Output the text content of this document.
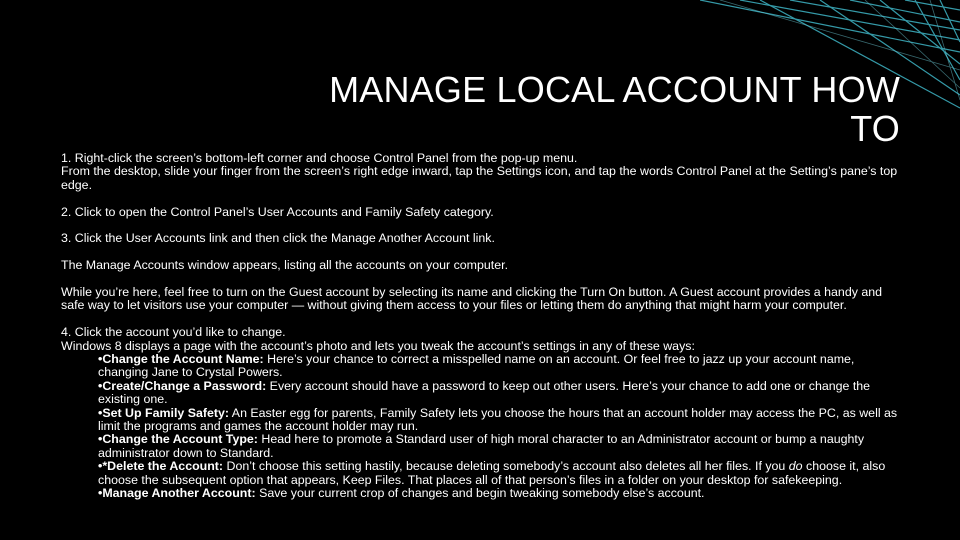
MANAGE LOCAL ACCOUNT HOW
TO

1. Right-click the screen’s bottom-left corner and choose Control Panel from the pop-up menu.
From the desktop, slide your finger from the screen’s right edge inward, tap the Settings icon, and tap the words Control Panel at the Setting’s pane’s top edge.

2. Click to open the Control Panel’s User Accounts and Family Safety category.

3. Click the User Accounts link and then click the Manage Another Account link.

The Manage Accounts window appears, listing all the accounts on your computer.

While you’re here, feel free to turn on the Guest account by selecting its name and clicking the Turn On button. A Guest account provides a handy and safe way to let visitors use your computer — without giving them access to your files or letting them do anything that might harm your computer.

4. Click the account you’d like to change.
Windows 8 displays a page with the account’s photo and lets you tweak the account’s settings in any of these ways:
•Change the Account Name: Here’s your chance to correct a misspelled name on an account. Or feel free to jazz up your account name, changing Jane to Crystal Powers.
•Create/Change a Password: Every account should have a password to keep out other users. Here’s your chance to add one or change the existing one.
•Set Up Family Safety: An Easter egg for parents, Family Safety lets you choose the hours that an account holder may access the PC, as well as limit the programs and games the account holder may run.
•Change the Account Type: Head here to promote a Standard user of high moral character to an Administrator account or bump a naughty administrator down to Standard.
•*Delete the Account: Don’t choose this setting hastily, because deleting somebody’s account also deletes all her files. If you do choose it, also choose the subsequent option that appears, Keep Files. That places all of that person’s files in a folder on your desktop for safekeeping.
•Manage Another Account: Save your current crop of changes and begin tweaking somebody else’s account.
